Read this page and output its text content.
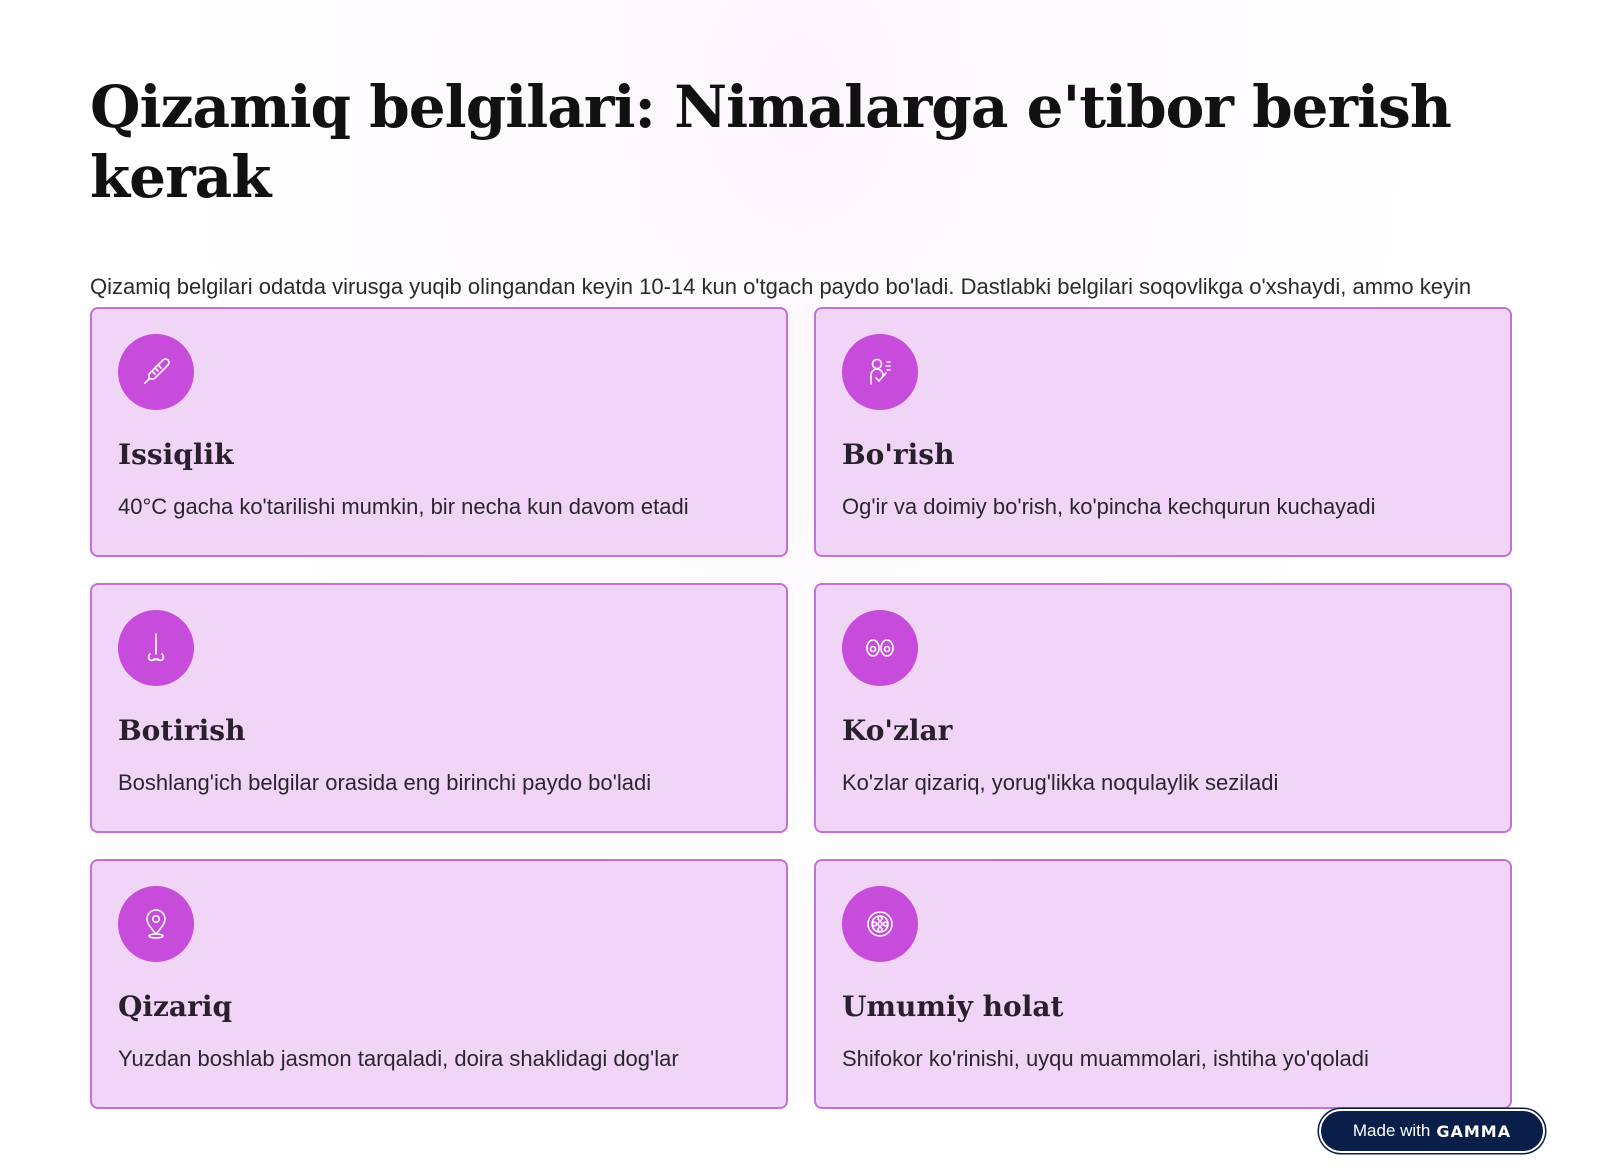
Qizamiq belgilari: Nimalarga e'tibor berish kerak

Qizamiq belgilari odatda virusga yuqib olingandan keyin 10-14 kun o'tgach paydo bo'ladi. Dastlabki belgilari soqovlikga o'xshaydi, ammo keyin

Issiqlik
40°C gacha ko'tarilishi mumkin, bir necha kun davom etadi
Bo'rish
Og'ir va doimiy bo'rish, ko'pincha kechqurun kuchayadi
Botirish
Boshlang'ich belgilar orasida eng birinchi paydo bo'ladi
Ko'zlar
Ko'zlar qizariq, yorug'likka noqulaylik seziladi
Qizariq
Yuzdan boshlab jasmon tarqaladi, doira shaklidagi dog'lar
Umumiy holat
Shifokor ko'rinishi, uyqu muammolari, ishtiha yo'qoladi
Made with GAMMA
